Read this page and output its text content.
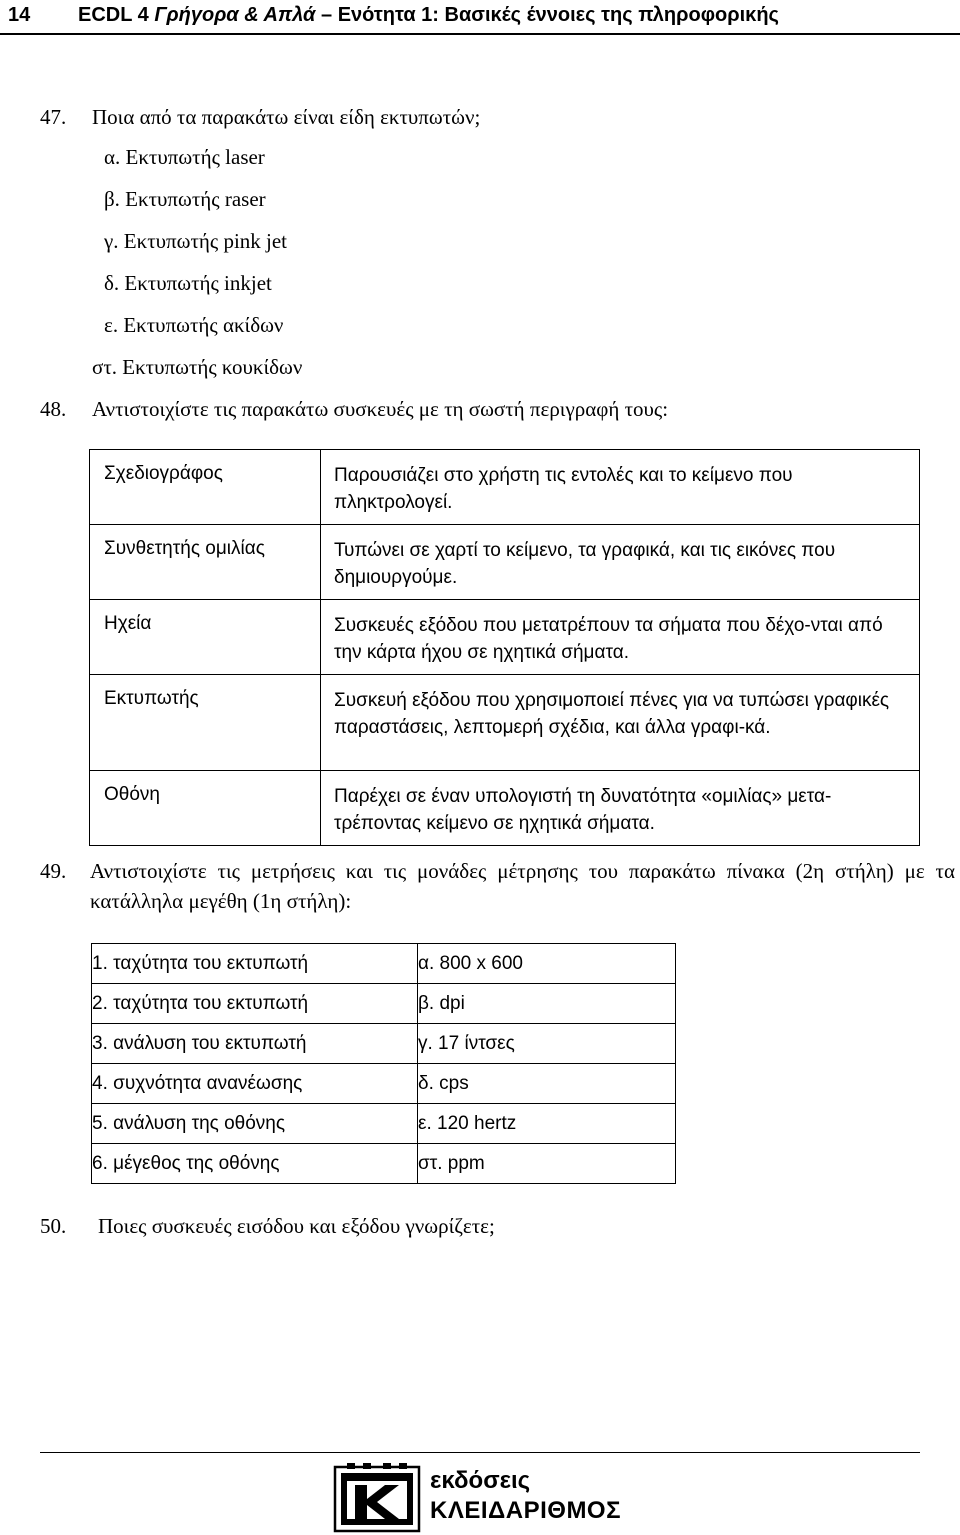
14 ECDL 4 Γρήγορα & Απλά – Ενότητα 1: Βασικές έννοιες της πληροφορικής
47. Ποια από τα παρακάτω είναι είδη εκτυπωτών;
α. Εκτυπωτής laser
β. Εκτυπωτής raser
γ. Εκτυπωτής pink jet
δ. Εκτυπωτής inkjet
ε. Εκτυπωτής ακίδων
στ. Εκτυπωτής κουκίδων
48. Αντιστοιχίστε τις παρακάτω συσκευές με τη σωστή περιγραφή τους:
Σχεδιογράφος	Παρουσιάζει στο χρήστη τις εντολές και το κείμενο που πληκτρολογεί.
Συνθετητής ομιλίας	Τυπώνει σε χαρτί το κείμενο, τα γραφικά, και τις εικόνες που δημιουργούμε.
Ηχεία	Συσκευές εξόδου που μετατρέπουν τα σήματα που δέχο-νται από την κάρτα ήχου σε ηχητικά σήματα.
Εκτυπωτής	Συσκευή εξόδου που χρησιμοποιεί πένες για να τυπώσει γραφικές παραστάσεις, λεπτομερή σχέδια, και άλλα γραφι-κά.
Οθόνη	Παρέχει σε έναν υπολογιστή τη δυνατότητα «ομιλίας» μετα-τρέποντας κείμενο σε ηχητικά σήματα.
49. Αντιστοιχίστε τις μετρήσεις και τις μονάδες μέτρησης του παρακάτω πίνακα (2η στήλη) με τα κατάλληλα μεγέθη (1η στήλη):
1. ταχύτητα του εκτυπωτή	α. 800 x 600
2. ταχύτητα του εκτυπωτή	β. dpi
3. ανάλυση του εκτυπωτή	γ. 17 ίντσες
4. συχνότητα ανανέωσης	δ. cps
5. ανάλυση της οθόνης	ε. 120 hertz
6. μέγεθος της οθόνης	στ. ppm
50. Ποιες συσκευές εισόδου και εξόδου γνωρίζετε;
εκδόσεις
ΚΛΕΙΔΑΡΙΘΜΟΣ
